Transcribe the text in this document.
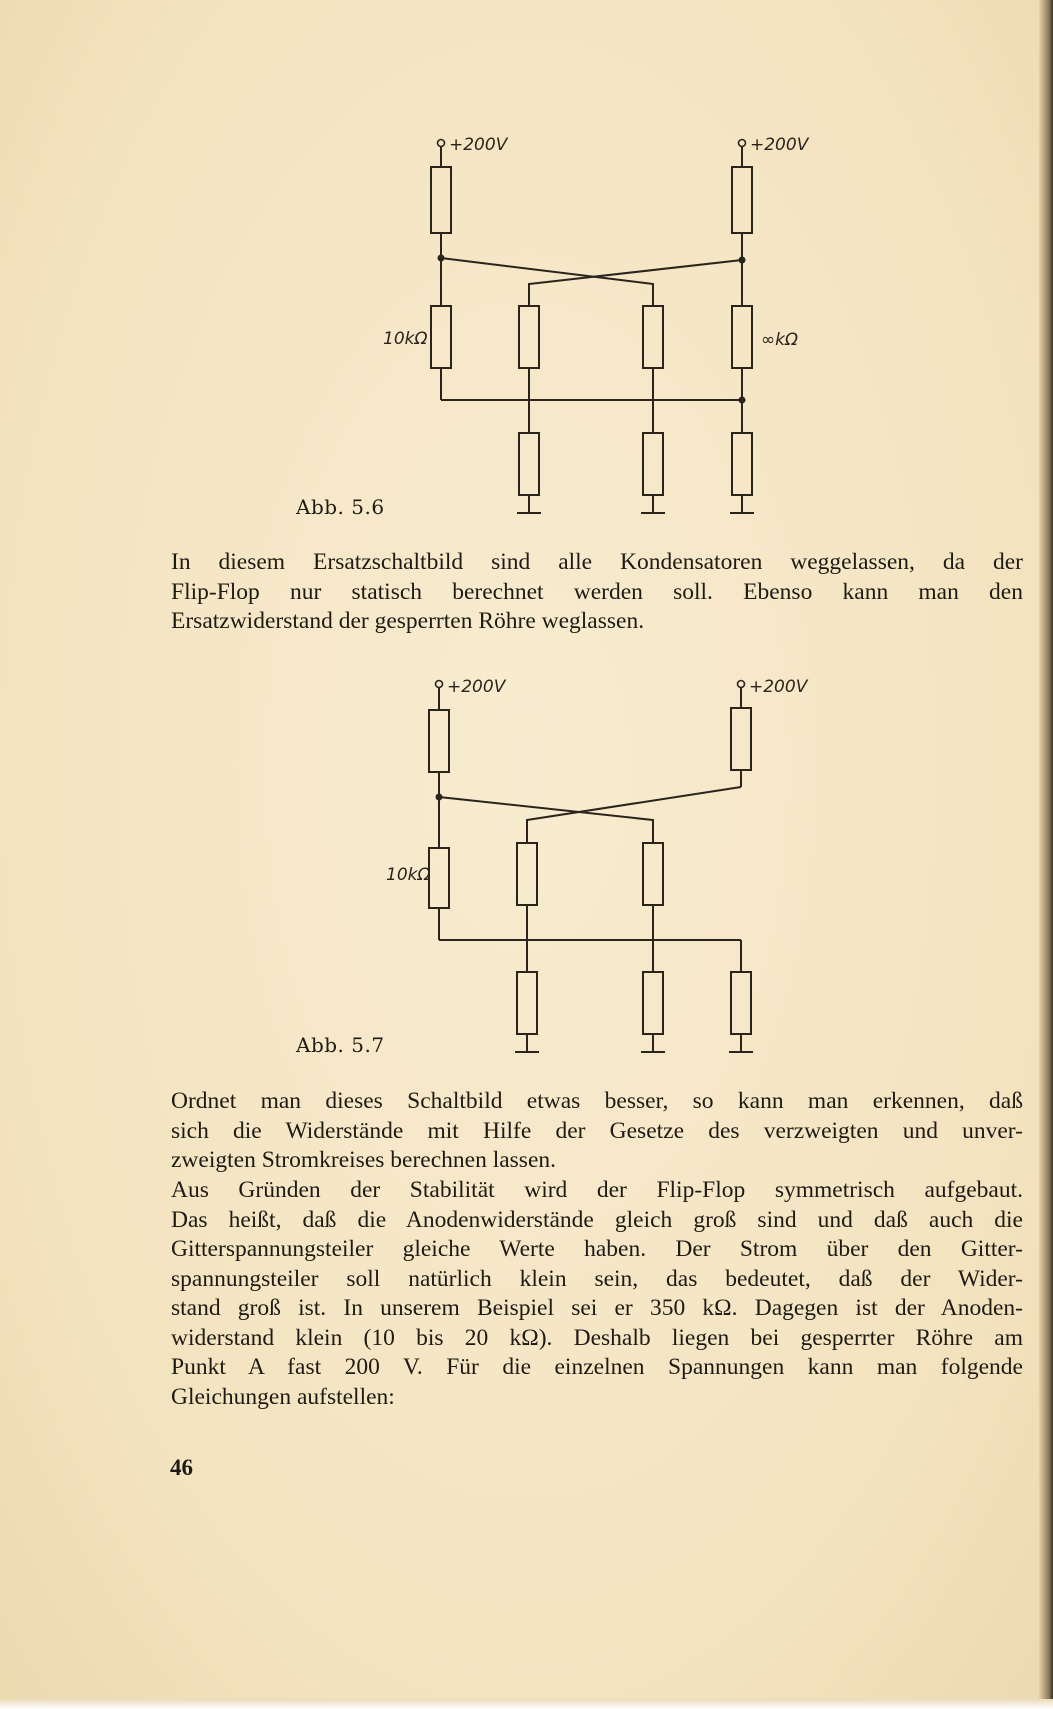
+200V	+200V
10kΩ	∞kΩ
Abb. 5.6
In diesem Ersatzschaltbild sind alle Kondensatoren weggelassen, da der
Flip-Flop nur statisch berechnet werden soll. Ebenso kann man den
Ersatzwiderstand der gesperrten Röhre weglassen.
+200V	+200V
10kΩ
Abb. 5.7
Ordnet man dieses Schaltbild etwas besser, so kann man erkennen, daß
sich die Widerstände mit Hilfe der Gesetze des verzweigten und unver-
zweigten Stromkreises berechnen lassen.
Aus Gründen der Stabilität wird der Flip-Flop symmetrisch aufgebaut.
Das heißt, daß die Anodenwiderstände gleich groß sind und daß auch die
Gitterspannungsteiler gleiche Werte haben. Der Strom über den Gitter-
spannungsteiler soll natürlich klein sein, das bedeutet, daß der Wider-
stand groß ist. In unserem Beispiel sei er 350 kΩ. Dagegen ist der Anoden-
widerstand klein (10 bis 20 kΩ). Deshalb liegen bei gesperrter Röhre am
Punkt A fast 200 V. Für die einzelnen Spannungen kann man folgende
Gleichungen aufstellen:
46
